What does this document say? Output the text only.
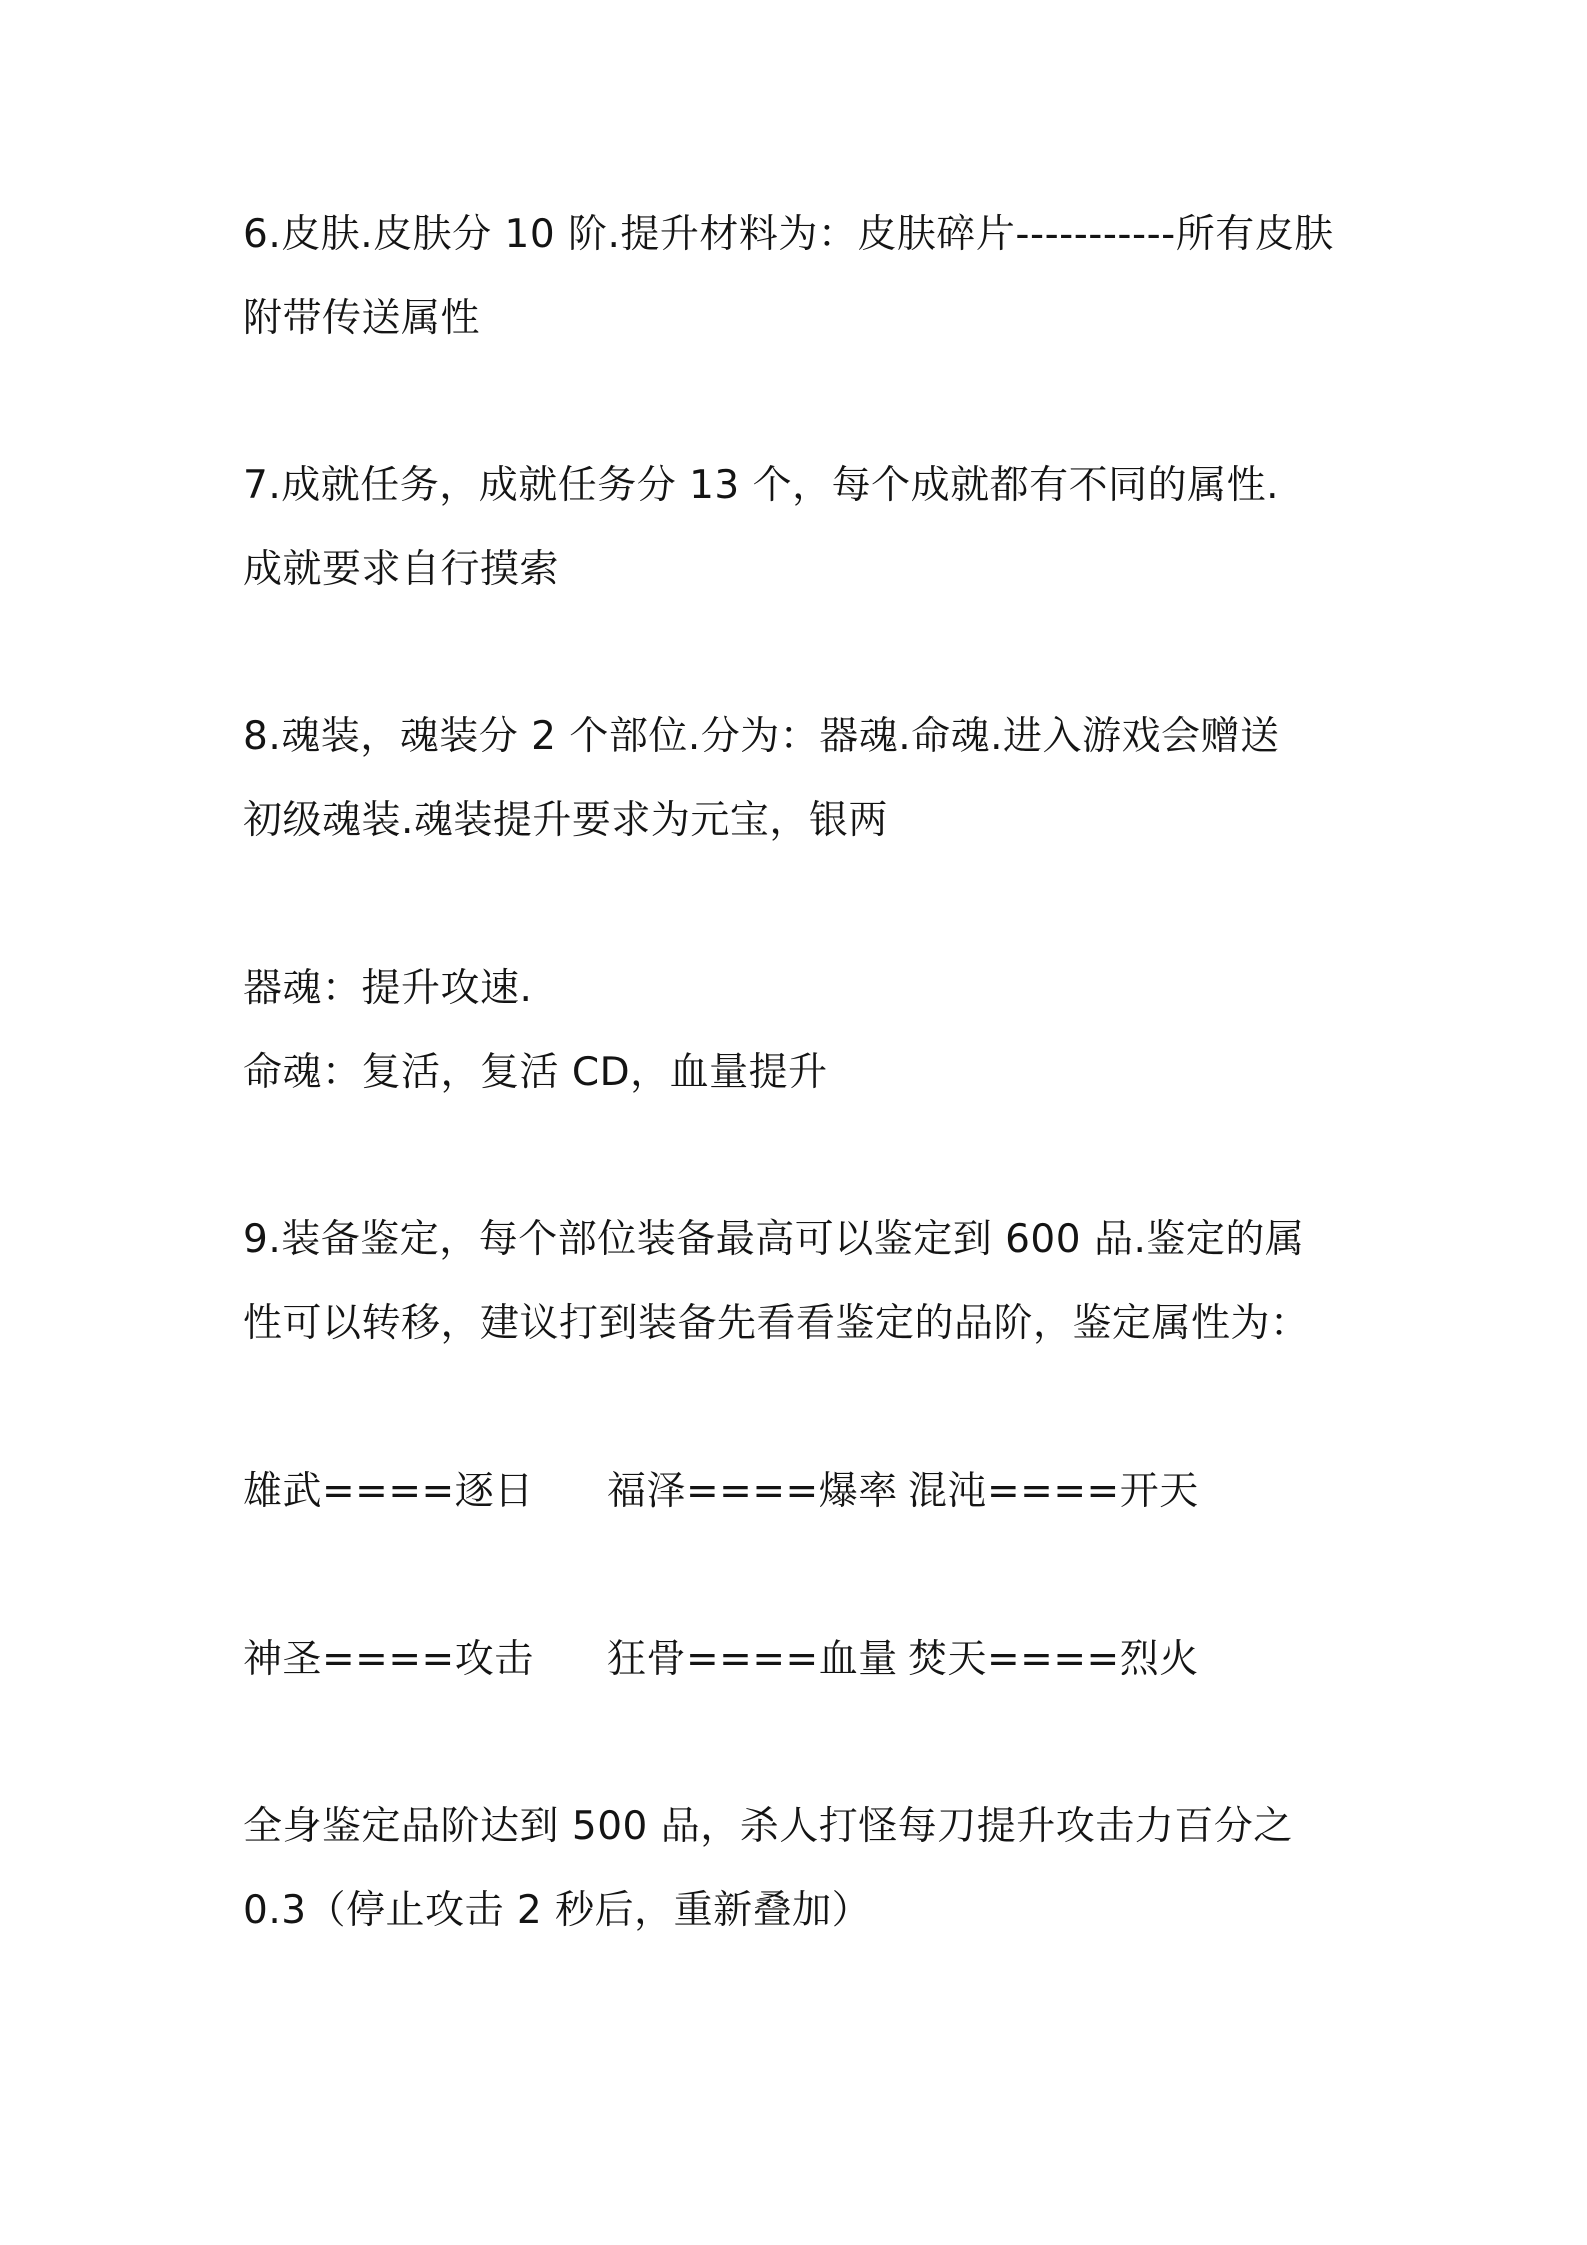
6.皮肤.皮肤分 10 阶.提升材料为：皮肤碎片-----------所有皮肤

附带传送属性

7.成就任务，成就任务分 13 个，每个成就都有不同的属性.

成就要求自行摸索

8.魂装，魂装分 2 个部位.分为：器魂.命魂.进入游戏会赠送

初级魂装.魂装提升要求为元宝，银两

器魂：提升攻速.

命魂：复活，复活 CD，血量提升

9.装备鉴定，每个部位装备最高可以鉴定到 600 品.鉴定的属

性可以转移，建议打到装备先看看鉴定的品阶，鉴定属性为：

雄武====逐日 福泽====爆率 混沌====开天
神圣====攻击 狂骨====血量 焚天====烈火

全身鉴定品阶达到 500 品，杀人打怪每刀提升攻击力百分之

0.3（停止攻击 2 秒后，重新叠加）
